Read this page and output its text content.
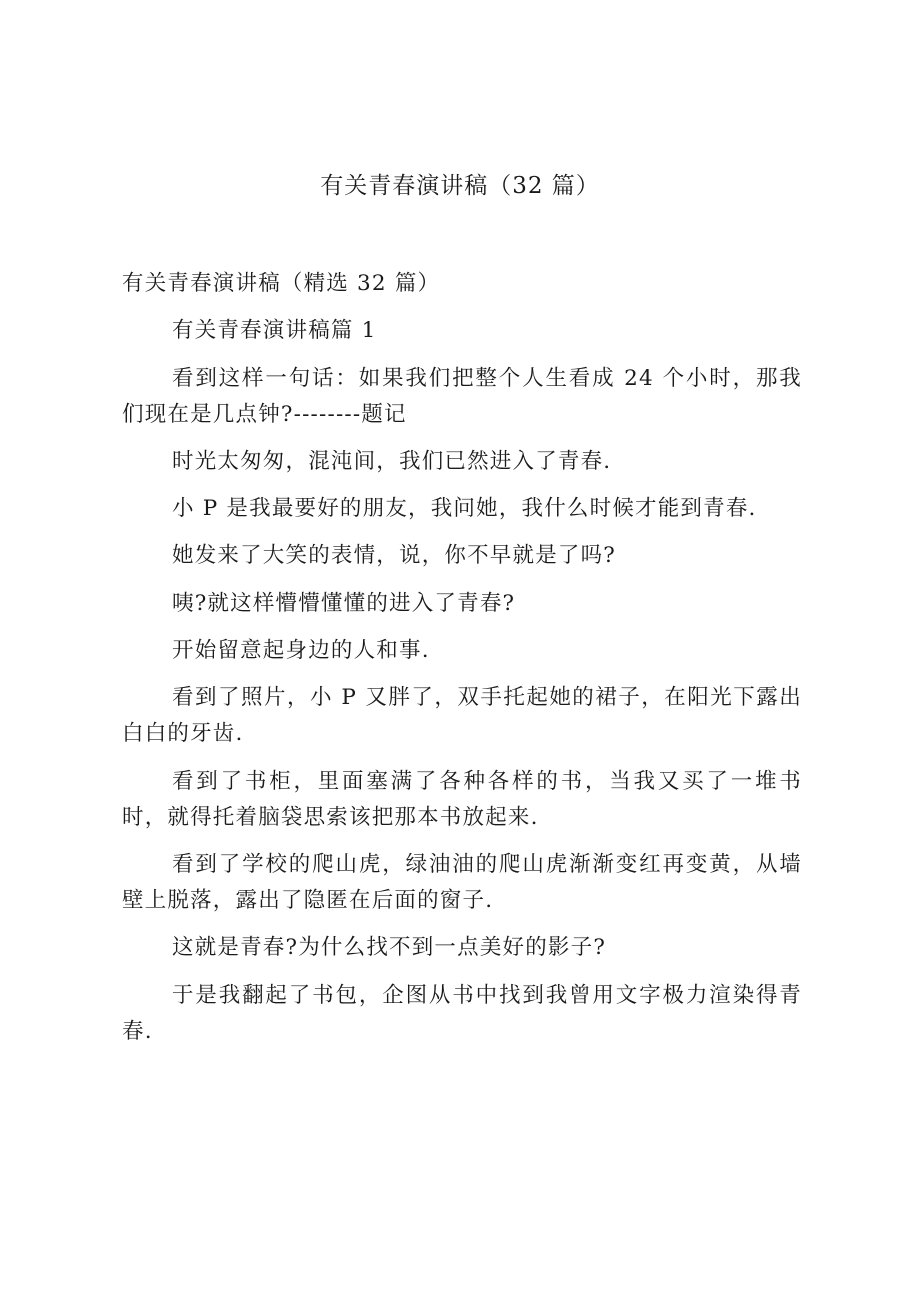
有关青春演讲稿（32 篇）

有关青春演讲稿（精选 32 篇）

有关青春演讲稿篇 1

看到这样一句话：如果我们把整个人生看成 24 个小时，那我们现在是几点钟?--------题记

时光太匆匆，混沌间，我们已然进入了青春.

小 P 是我最要好的朋友，我问她，我什么时候才能到青春.

她发来了大笑的表情，说，你不早就是了吗?

咦?就这样懵懵懂懂的进入了青春?

开始留意起身边的人和事.

看到了照片，小 P 又胖了，双手托起她的裙子，在阳光下露出白白的牙齿.

看到了书柜，里面塞满了各种各样的书，当我又买了一堆书时，就得托着脑袋思索该把那本书放起来.

看到了学校的爬山虎，绿油油的爬山虎渐渐变红再变黄，从墙壁上脱落，露出了隐匿在后面的窗子.

这就是青春?为什么找不到一点美好的影子?

于是我翻起了书包，企图从书中找到我曾用文字极力渲染得青春.
